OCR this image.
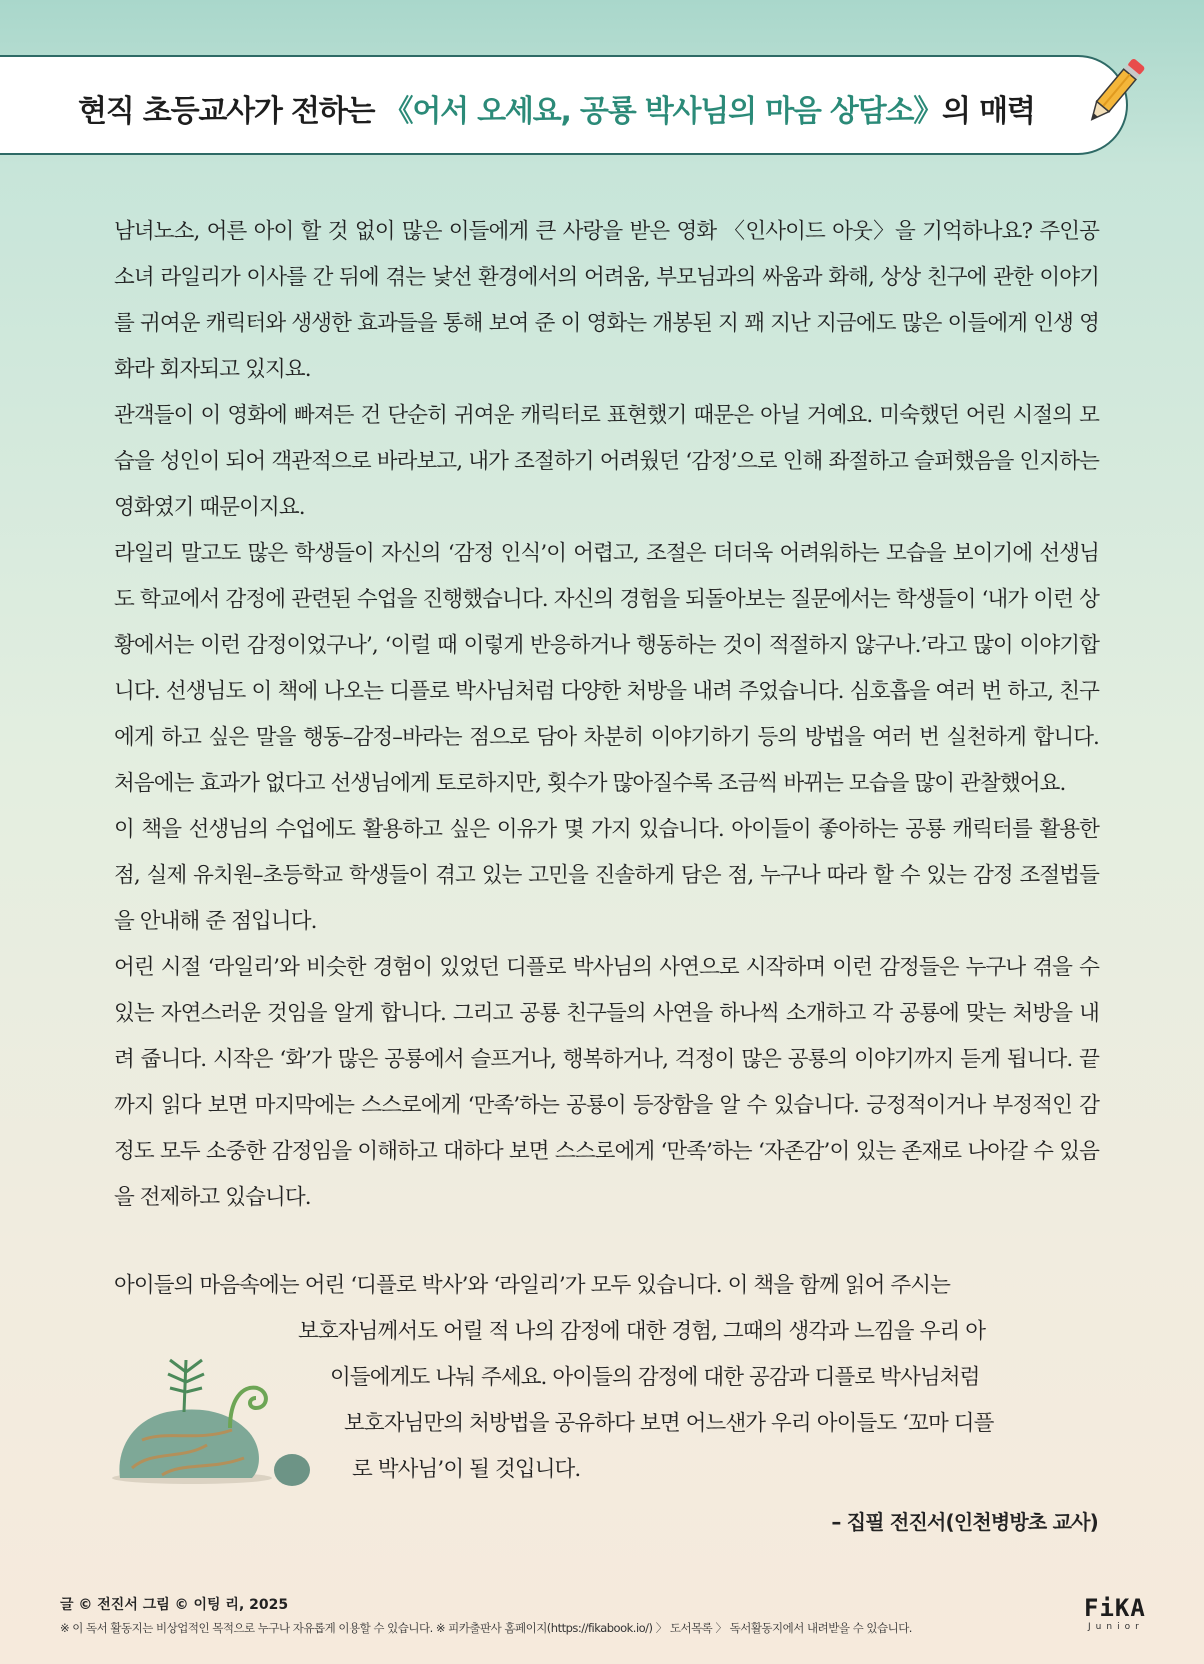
현직 초등교사가 전하는 《어서 오세요, 공룡 박사님의 마음 상담소》의 매력

남녀노소, 어른 아이 할 것 없이 많은 이들에게 큰 사랑을 받은 영화 〈인사이드 아웃〉을 기억하나요? 주인공 소녀 라일리가 이사를 간 뒤에 겪는 낯선 환경에서의 어려움, 부모님과의 싸움과 화해, 상상 친구에 관한 이야기를 귀여운 캐릭터와 생생한 효과들을 통해 보여 준 이 영화는 개봉된 지 꽤 지난 지금에도 많은 이들에게 인생 영화라 회자되고 있지요.

관객들이 이 영화에 빠져든 건 단순히 귀여운 캐릭터로 표현했기 때문은 아닐 거예요. 미숙했던 어린 시절의 모습을 성인이 되어 객관적으로 바라보고, 내가 조절하기 어려웠던 ‘감정’으로 인해 좌절하고 슬퍼했음을 인지하는 영화였기 때문이지요.

라일리 말고도 많은 학생들이 자신의 ‘감정 인식’이 어렵고, 조절은 더더욱 어려워하는 모습을 보이기에 선생님도 학교에서 감정에 관련된 수업을 진행했습니다. 자신의 경험을 되돌아보는 질문에서는 학생들이 ‘내가 이런 상황에서는 이런 감정이었구나’, ‘이럴 때 이렇게 반응하거나 행동하는 것이 적절하지 않구나.’라고 많이 이야기합니다. 선생님도 이 책에 나오는 디플로 박사님처럼 다양한 처방을 내려 주었습니다. 심호흡을 여러 번 하고, 친구에게 하고 싶은 말을 행동–감정–바라는 점으로 담아 차분히 이야기하기 등의 방법을 여러 번 실천하게 합니다. 처음에는 효과가 없다고 선생님에게 토로하지만, 횟수가 많아질수록 조금씩 바뀌는 모습을 많이 관찰했어요.

이 책을 선생님의 수업에도 활용하고 싶은 이유가 몇 가지 있습니다. 아이들이 좋아하는 공룡 캐릭터를 활용한 점, 실제 유치원–초등학교 학생들이 겪고 있는 고민을 진솔하게 담은 점, 누구나 따라 할 수 있는 감정 조절법들을 안내해 준 점입니다.

어린 시절 ‘라일리’와 비슷한 경험이 있었던 디플로 박사님의 사연으로 시작하며 이런 감정들은 누구나 겪을 수 있는 자연스러운 것임을 알게 합니다. 그리고 공룡 친구들의 사연을 하나씩 소개하고 각 공룡에 맞는 처방을 내려 줍니다. 시작은 ‘화’가 많은 공룡에서 슬프거나, 행복하거나, 걱정이 많은 공룡의 이야기까지 듣게 됩니다. 끝까지 읽다 보면 마지막에는 스스로에게 ‘만족’하는 공룡이 등장함을 알 수 있습니다. 긍정적이거나 부정적인 감정도 모두 소중한 감정임을 이해하고 대하다 보면 스스로에게 ‘만족’하는 ‘자존감’이 있는 존재로 나아갈 수 있음을 전제하고 있습니다.

아이들의 마음속에는 어린 ‘디플로 박사’와 ‘라일리’가 모두 있습니다. 이 책을 함께 읽어 주시는
보호자님께서도 어릴 적 나의 감정에 대한 경험, 그때의 생각과 느낌을 우리 아
이들에게도 나눠 주세요. 아이들의 감정에 대한 공감과 디플로 박사님처럼
보호자님만의 처방법을 공유하다 보면 어느샌가 우리 아이들도 ‘꼬마 디플
로 박사님’이 될 것입니다.
– 집필 전진서(인천병방초 교사)
글 © 전진서 그림 © 이팅 리, 2025
※ 이 독서 활동지는 비상업적인 목적으로 누구나 자유롭게 이용할 수 있습니다. ※ 피카출판사 홈페이지(https://fikabook.io/) 〉 도서목록 〉 독서활동지에서 내려받을 수 있습니다.
FiKA
Junior
